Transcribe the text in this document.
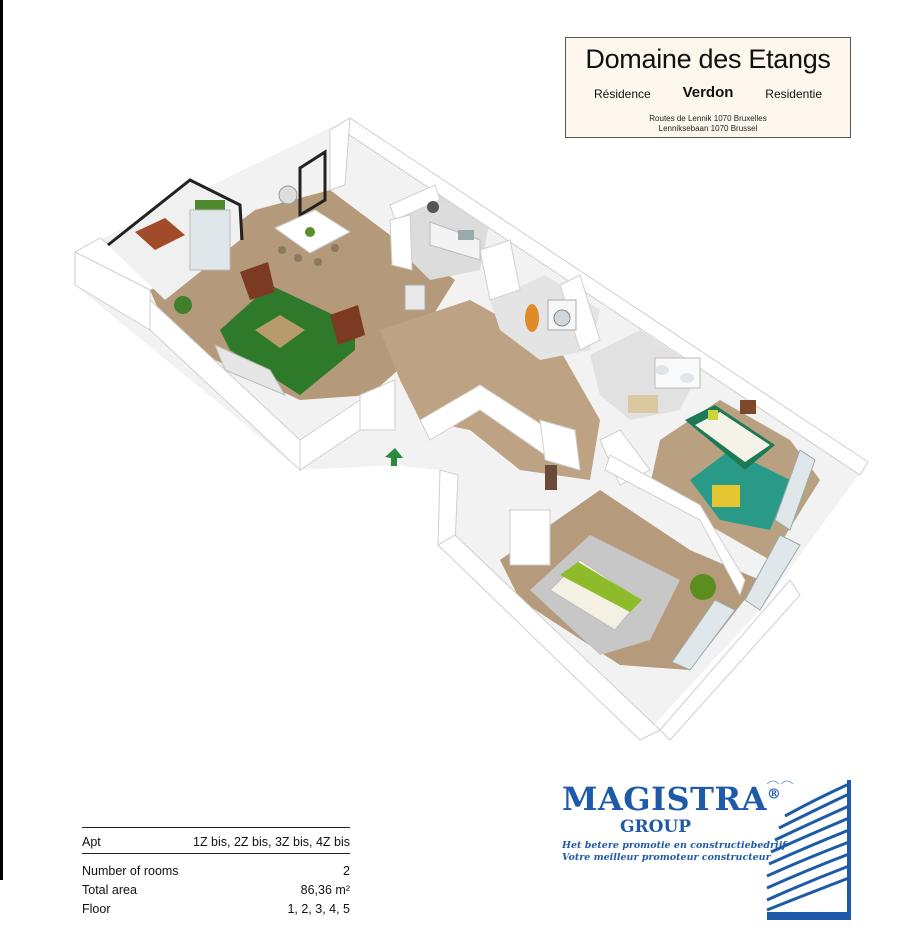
Domaine des Etangs
Résidence	Verdon	Residentie
Routes de Lennik 1070 Bruxelles
Lenniksebaan 1070 Brussel
Apt	1Z bis, 2Z bis, 3Z bis, 4Z bis
Number of rooms	2
Total area	86,36 m²
Floor	1, 2, 3, 4, 5
MAGISTRA®
GROUP
Het betere promotie en constructiebedrijf
Votre meilleur promoteur constructeur
